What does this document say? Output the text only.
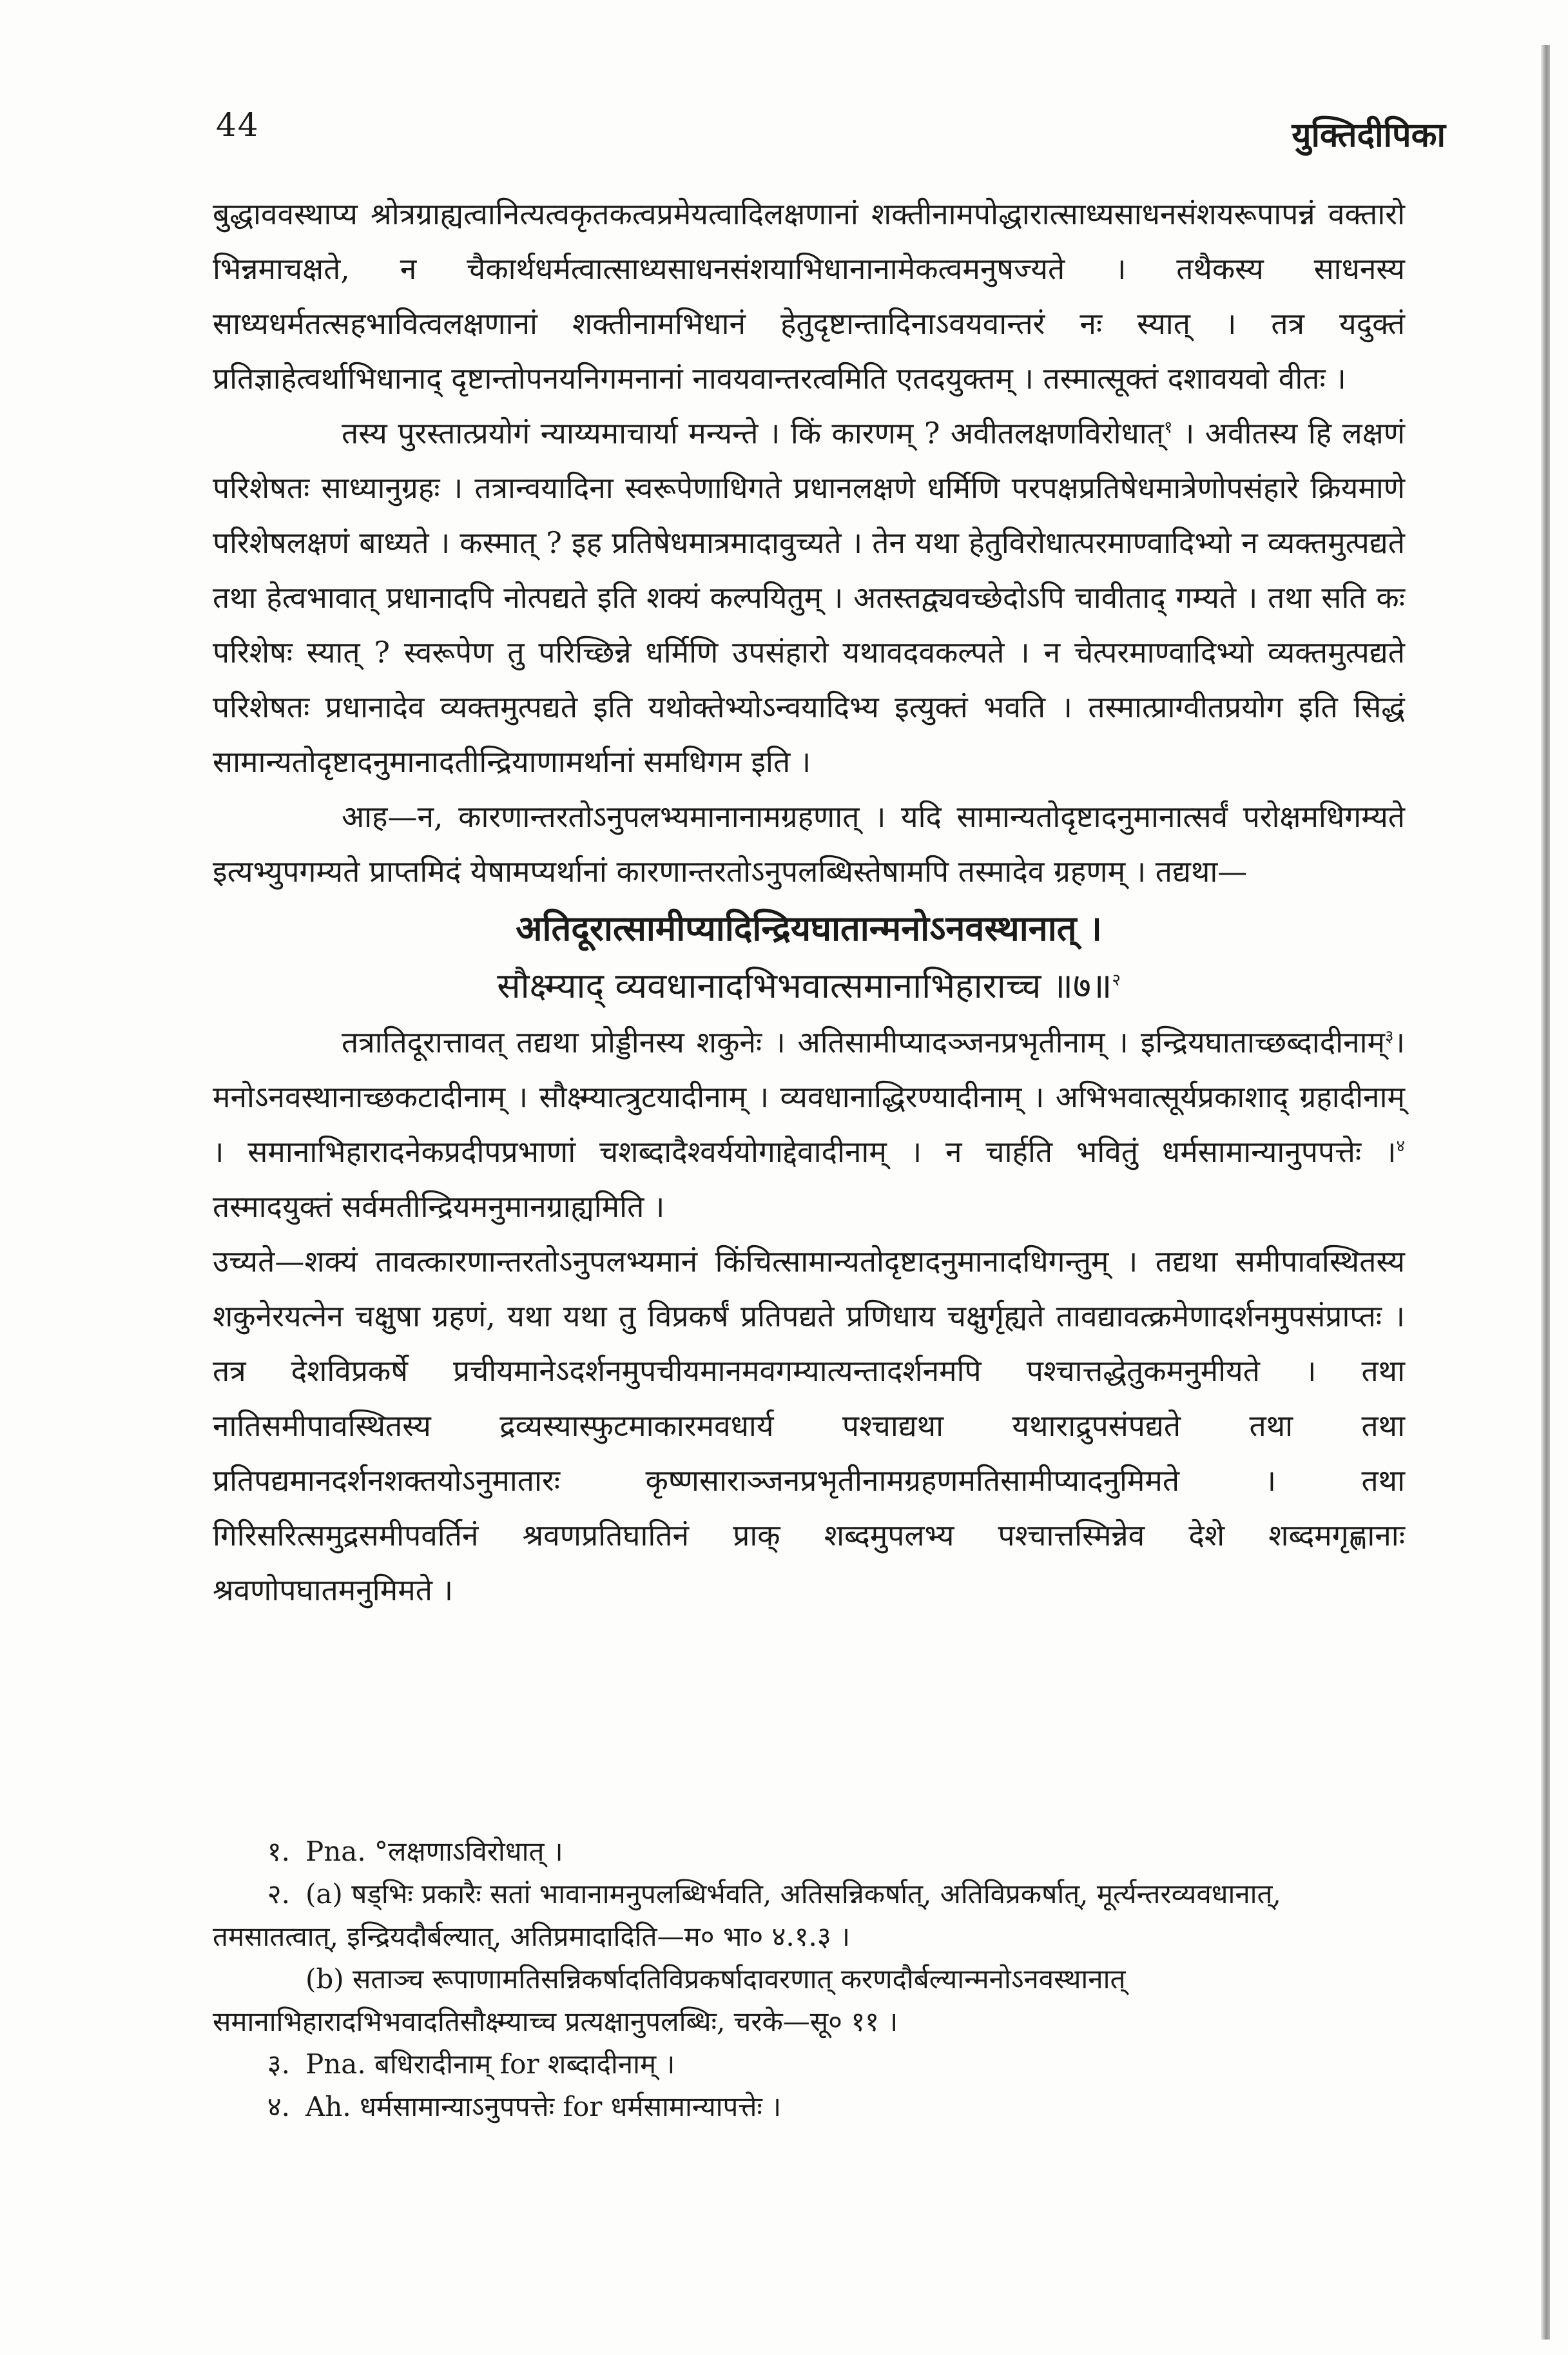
44	युक्तिदीपिका

बुद्धाववस्थाप्य श्रोत्रग्राह्यत्वानित्यत्वकृतकत्वप्रमेयत्वादिलक्षणानां शक्तीनामपोद्धारात्साध्यसाधनसंशयरूपापन्नं वक्तारो भिन्नमाचक्षते, न चैकार्थधर्मत्वात्साध्यसाधनसंशयाभिधानानामेकत्वमनुषज्यते । तथैकस्य साधनस्य साध्यधर्मतत्सहभावित्वलक्षणानां शक्तीनामभिधानं हेतुदृष्टान्तादिनाऽवयवान्तरं नः स्यात् । तत्र यदुक्तं प्रतिज्ञाहेत्वर्थाभिधानाद् दृष्टान्तोपनयनिगमनानां नावयवान्तरत्वमिति एतदयुक्तम् । तस्मात्सूक्तं दशावयवो वीतः ।

तस्य पुरस्तात्प्रयोगं न्याय्यमाचार्या मन्यन्ते । किं कारणम् ? अवीतलक्षणविरोधात्$^१$ । अवीतस्य हि लक्षणं परिशेषतः साध्यानुग्रहः । तत्रान्वयादिना स्वरूपेणाधिगते प्रधानलक्षणे धर्मिणि परपक्षप्रतिषेधमात्रेणोपसंहारे क्रियमाणे परिशेषलक्षणं बाध्यते । कस्मात् ? इह प्रतिषेधमात्रमादावुच्यते । तेन यथा हेतुविरोधात्परमाण्वादिभ्यो न व्यक्तमुत्पद्यते तथा हेत्वभावात् प्रधानादपि नोत्पद्यते इति शक्यं कल्पयितुम् । अतस्तद्व्यवच्छेदोऽपि चावीताद् गम्यते । तथा सति कः परिशेषः स्यात् ? स्वरूपेण तु परिच्छिन्ने धर्मिणि उपसंहारो यथावदवकल्पते । न चेत्परमाण्वादिभ्यो व्यक्तमुत्पद्यते परिशेषतः प्रधानादेव व्यक्तमुत्पद्यते इति यथोक्तेभ्योऽन्वयादिभ्य इत्युक्तं भवति । तस्मात्प्राग्वीतप्रयोग इति सिद्धं सामान्यतोदृष्टादनुमानादतीन्द्रियाणामर्थानां समधिगम इति ।

आह—न, कारणान्तरतोऽनुपलभ्यमानानामग्रहणात् । यदि सामान्यतोदृष्टादनुमानात्सर्वं परोक्षमधिगम्यते इत्यभ्युपगम्यते प्राप्तमिदं येषामप्यर्थानां कारणान्तरतोऽनुपलब्धिस्तेषामपि तस्मादेव ग्रहणम् । तद्यथा—

अतिदूरात्सामीप्यादिन्द्रियघातान्मनोऽनवस्थानात् ।

सौक्ष्म्याद् व्यवधानादभिभवात्समानाभिहाराच्च ॥७॥$^२$

तत्रातिदूरात्तावत् तद्यथा प्रोड्डीनस्य शकुनेः । अतिसामीप्यादञ्जनप्रभृतीनाम् । इन्द्रियघाताच्छब्दादीनाम्$^३$। मनोऽनवस्थानाच्छकटादीनाम् । सौक्ष्म्यात्त्रुटयादीनाम् । व्यवधानाद्धिरण्यादीनाम् । अभिभवात्सूर्यप्रकाशाद् ग्रहादीनाम् । समानाभिहारादनेकप्रदीपप्रभाणां चशब्दादैश्वर्ययोगाद्देवादीनाम् । न चार्हति भवितुं धर्मसामान्यानुपपत्तेः ।$^४$ तस्मादयुक्तं सर्वमतीन्द्रियमनुमानग्राह्यमिति ।

उच्यते—शक्यं तावत्कारणान्तरतोऽनुपलभ्यमानं किंचित्सामान्यतोदृष्टादनुमानादधिगन्तुम् । तद्यथा समीपावस्थितस्य शकुनेरयत्नेन चक्षुषा ग्रहणं, यथा यथा तु विप्रकर्षं प्रतिपद्यते प्रणिधाय चक्षुर्गृह्यते तावद्यावत्क्रमेणादर्शनमुपसंप्राप्तः । तत्र देशविप्रकर्षे प्रचीयमानेऽदर्शनमुपचीयमानमवगम्यात्यन्तादर्शनमपि पश्चात्तद्धेतुकमनुमीयते । तथा नातिसमीपावस्थितस्य द्रव्यस्यास्फुटमाकारमवधार्य पश्चाद्यथा यथाराद्रुपसंपद्यते तथा तथा प्रतिपद्यमानदर्शनशक्तयोऽनुमातारः कृष्णसाराञ्जनप्रभृतीनामग्रहणमतिसामीप्यादनुमिमते । तथा गिरिसरित्समुद्रसमीपवर्तिनं श्रवणप्रतिघातिनं प्राक् शब्दमुपलभ्य पश्चात्तस्मिन्नेव देशे शब्दमगृह्णानाः श्रवणोपघातमनुमिमते ।

१. Pna. °लक्षणाऽविरोधात् ।

२. (a) षड्भिः प्रकारैः सतां भावानामनुपलब्धिर्भवति, अतिसन्निकर्षात्, अतिविप्रकर्षात्, मूर्त्यन्तरव्यवधानात्, तमसातत्वात्, इन्द्रियदौर्बल्यात्, अतिप्रमादादिति—म० भा० ४.१.३ ।

(b) सताञ्च रूपाणामतिसन्निकर्षादतिविप्रकर्षादावरणात् करणदौर्बल्यान्मनोऽनवस्थानात् समानाभिहारादभिभवादतिसौक्ष्म्याच्च प्रत्यक्षानुपलब्धिः, चरके—सू० ११ ।

३. Pna. बधिरादीनाम् for शब्दादीनाम् ।

४. Ah. धर्मसामान्याऽनुपपत्तेः for धर्मसामान्यापत्तेः ।
